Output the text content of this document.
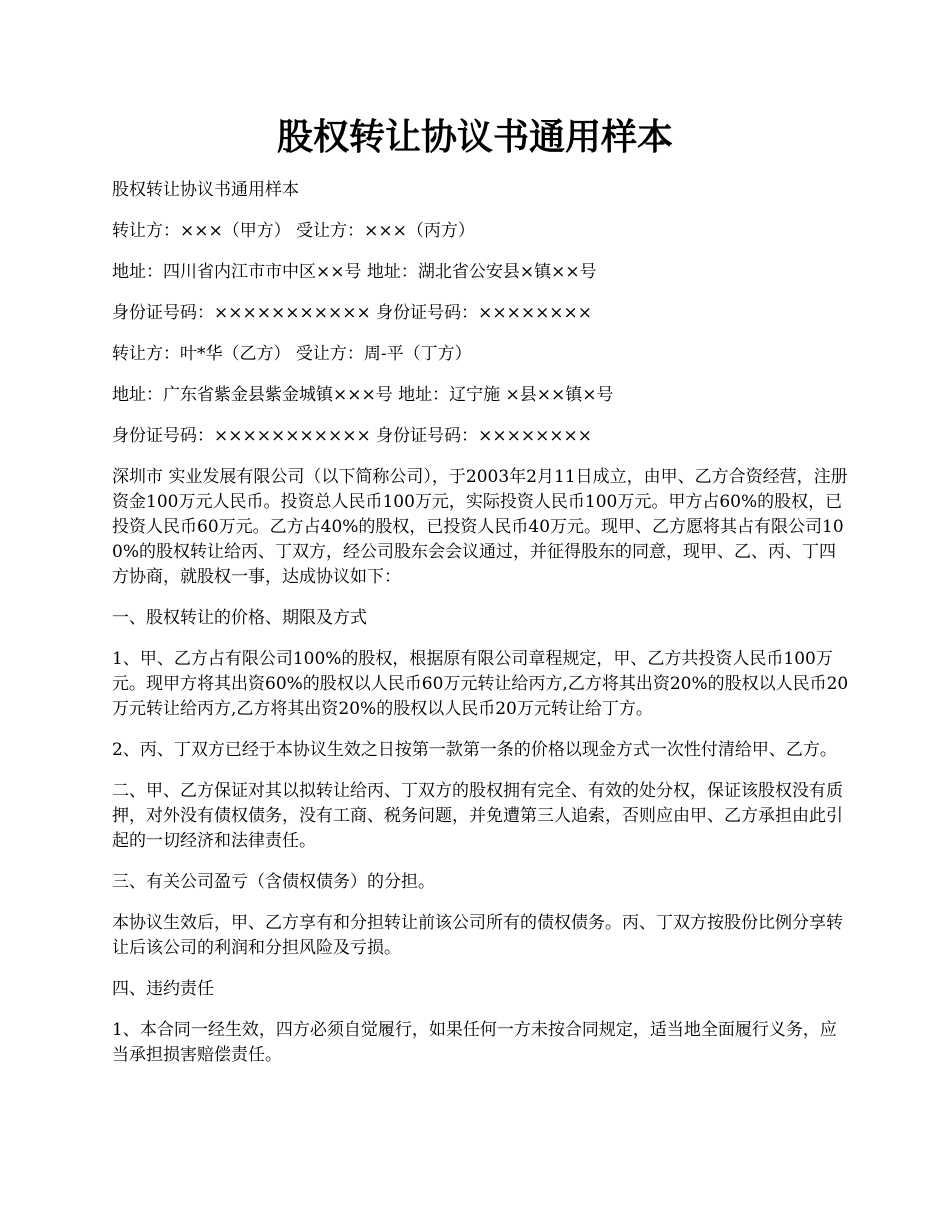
股权转让协议书通用样本

股权转让协议书通用样本

转让方：×××（甲方） 受让方：×××（丙方）

地址：四川省内江市市中区××号 地址：湖北省公安县×镇××号

身份证号码：××××××××××× 身份证号码：××××××××

转让方：叶*华（乙方） 受让方：周-平（丁方）

地址：广东省紫金县紫金城镇×××号 地址：辽宁施 ×县××镇×号

身份证号码：××××××××××× 身份证号码：××××××××

深圳市 实业发展有限公司（以下简称公司），于2003年2月11日成立，由甲、乙方合资经营，注册资金100万元人民币。投资总人民币100万元，实际投资人民币100万元。甲方占60%的股权，已投资人民币60万元。乙方占40%的股权，已投资人民币40万元。现甲、乙方愿将其占有限公司100%的股权转让给丙、丁双方，经公司股东会会议通过，并征得股东的同意，现甲、乙、丙、丁四方协商，就股权一事，达成协议如下：

一、股权转让的价格、期限及方式

1、甲、乙方占有限公司100%的股权，根据原有限公司章程规定，甲、乙方共投资人民币100万元。现甲方将其出资60%的股权以人民币60万元转让给丙方,乙方将其出资20%的股权以人民币20万元转让给丙方,乙方将其出资20%的股权以人民币20万元转让给丁方。

2、丙、丁双方已经于本协议生效之日按第一款第一条的价格以现金方式一次性付清给甲、乙方。

二、甲、乙方保证对其以拟转让给丙、丁双方的股权拥有完全、有效的处分权，保证该股权没有质押，对外没有债权债务，没有工商、税务问题，并免遭第三人追索，否则应由甲、乙方承担由此引起的一切经济和法律责任。

三、有关公司盈亏（含债权债务）的分担。

本协议生效后，甲、乙方享有和分担转让前该公司所有的债权债务。丙、丁双方按股份比例分享转让后该公司的利润和分担风险及亏损。

四、违约责任

1、本合同一经生效，四方必须自觉履行，如果任何一方未按合同规定，适当地全面履行义务，应当承担损害赔偿责任。
